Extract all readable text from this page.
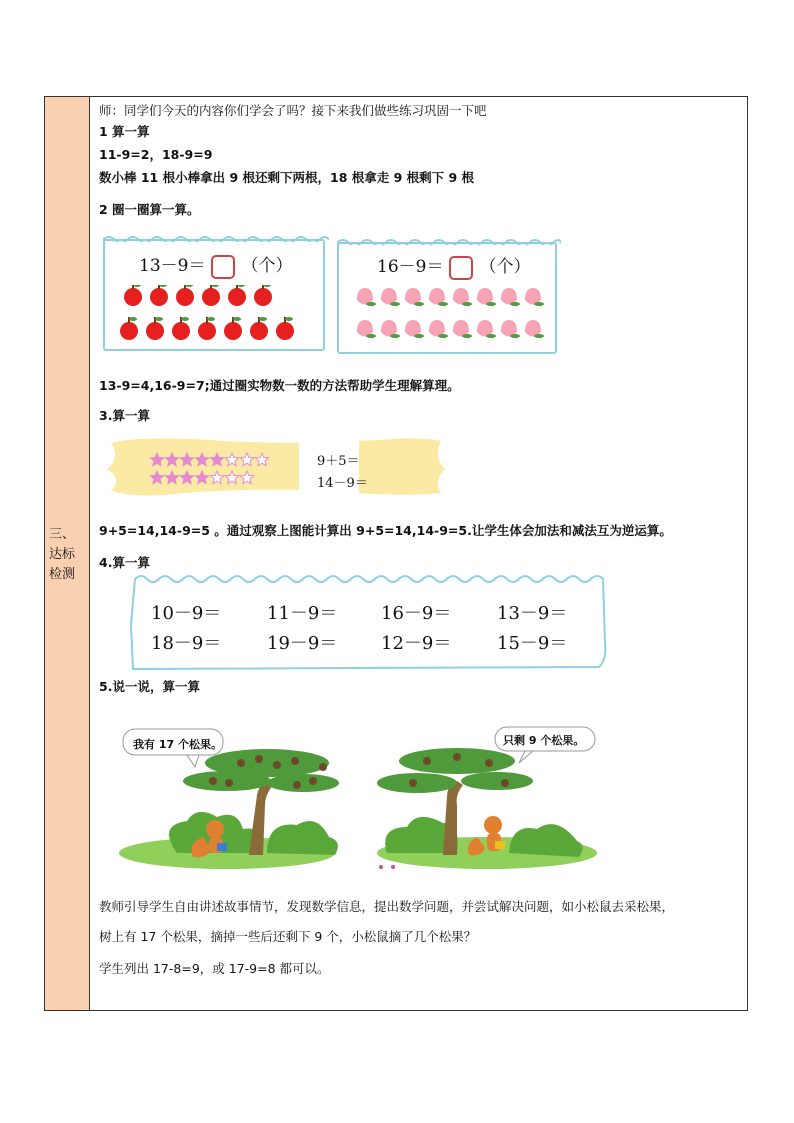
三、
达标
检测
师：同学们今天的内容你们学会了吗？接下来我们做些练习巩固一下吧
1 算一算
11-9=2，18-9=9
数小棒 11 根小棒拿出 9 根还剩下两根，18 根拿走 9 根剩下 9 根
2 圈一圈算一算。
13－9＝ （个）	16－9＝ （个）
13-9=4,16-9=7;通过圈实物数一数的方法帮助学生理解算理。
3.算一算
9＋5＝
14－9＝
9+5=14,14-9=5 。通过观察上图能计算出 9+5=14,14-9=5.让学生体会加法和减法互为逆运算。
4.算一算
10－9＝	11－9＝ 16－9＝	13－9＝
18－9＝	19－9＝ 12－9＝	15－9＝
5.说一说，算一算
我有 17 个松果。	只剩 9 个松果。
教师引导学生自由讲述故事情节，发现数学信息，提出数学问题，并尝试解决问题，如小松鼠去采松果，
树上有 17 个松果，摘掉一些后还剩下 9 个，小松鼠摘了几个松果？
学生列出 17-8=9，或 17-9=8 都可以。
